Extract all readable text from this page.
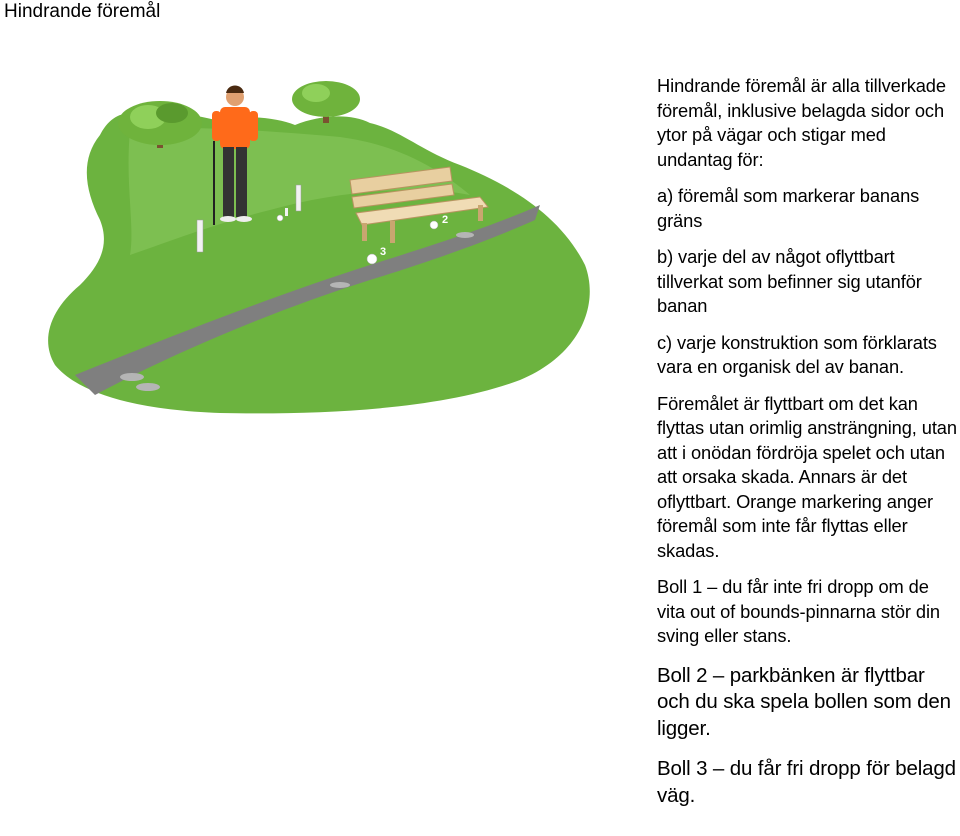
Hindrande föremål
2
3

Hindrande föremål är alla tillverkade föremål, inklusive belagda sidor och ytor på vägar och stigar med undantag för:

a) föremål som markerar banans gräns

b) varje del av något oflyttbart tillverkat som befinner sig utanför banan

c) varje konstruktion som förklarats vara en organisk del av banan.

Föremålet är flyttbart om det kan flyttas utan orimlig ansträngning, utan att i onödan fördröja spelet och utan att orsaka skada. Annars är det oflyttbart. Orange markering anger föremål som inte får flyttas eller skadas.

Boll 1 – du får inte fri dropp om de vita out of bounds-pinnarna stör din sving eller stans.

Boll 2 – parkbänken är flyttbar och du ska spela bollen som den ligger.

Boll 3 – du får fri dropp för belagd väg.
